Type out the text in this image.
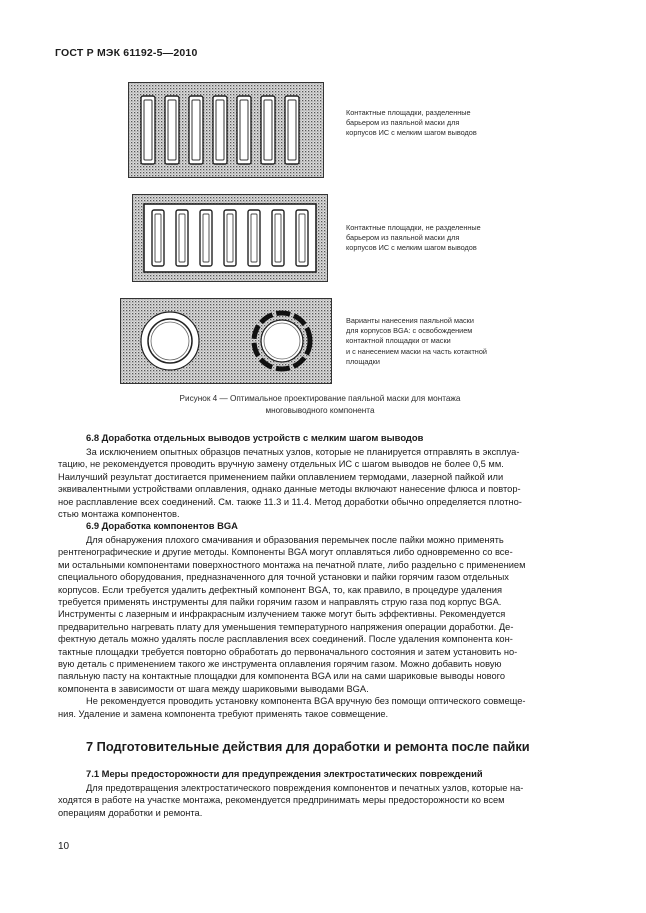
ГОСТ Р МЭК 61192-5—2010
Контактные площадки, разделенные
барьером из паяльной маски для
корпусов ИС с мелким шагом выводов
Контактные площадки, не разделенные
барьером из паяльной маски для
корпусов ИС с мелким шагом выводов
Варианты нанесения паяльной маски
для корпусов BGA: с освобождением
контактной площадки от маски
и с нанесением маски на часть котактной
площадки
Рисунок 4 — Оптимальное проектирование паяльной маски для монтажа
многовыводного компонента
6.8 Доработка отдельных выводов устройств с мелким шагом выводов

За исключением опытных образцов печатных узлов, которые не планируется отправлять в эксплуа-

тацию, не рекомендуется проводить вручную замену отдельных ИС с шагом выводов не более 0,5 мм.

Наилучший результат достигается применением пайки оплавлением термодами, лазерной пайкой или

эквивалентными устройствами оплавления, однако данные методы включают нанесение флюса и повтор-

ное расплавление всех соединений. См. также 11.3 и 11.4. Метод доработки обычно определяется плотно-

стью монтажа компонентов.

6.9 Доработка компонентов BGA

Для обнаружения плохого смачивания и образования перемычек после пайки можно применять

рентгенографические и другие методы. Компоненты BGA могут оплавляться либо одновременно со все-

ми остальными компонентами поверхностного монтажа на печатной плате, либо раздельно с применением

специального оборудования, предназначенного для точной установки и пайки горячим газом отдельных

корпусов. Если требуется удалить дефектный компонент BGA, то, как правило, в процедуре удаления

требуется применять инструменты для пайки горячим газом и направлять струю газа под корпус BGA.

Инструменты с лазерным и инфракрасным излучением также могут быть эффективны. Рекомендуется

предварительно нагревать плату для уменьшения температурного напряжения операции доработки. Де-

фектную деталь можно удалять после расплавления всех соединений. После удаления компонента кон-

тактные площадки требуется повторно обработать до первоначального состояния и затем установить но-

вую деталь с применением такого же инструмента оплавления горячим газом. Можно добавить новую

паяльную пасту на контактные площадки для компонента BGA или на сами шариковые выводы нового

компонента в зависимости от шага между шариковыми выводами BGA.

Не рекомендуется проводить установку компонента BGA вручную без помощи оптического совмеще-

ния. Удаление и замена компонента требуют применять такое совмещение.

7 Подготовительные действия для доработки и ремонта после пайки
7.1 Меры предосторожности для предупреждения электростатических повреждений

Для предотвращения электростатического повреждения компонентов и печатных узлов, которые на-

ходятся в работе на участке монтажа, рекомендуется предпринимать меры предосторожности ко всем

операциям доработки и ремонта.

10
